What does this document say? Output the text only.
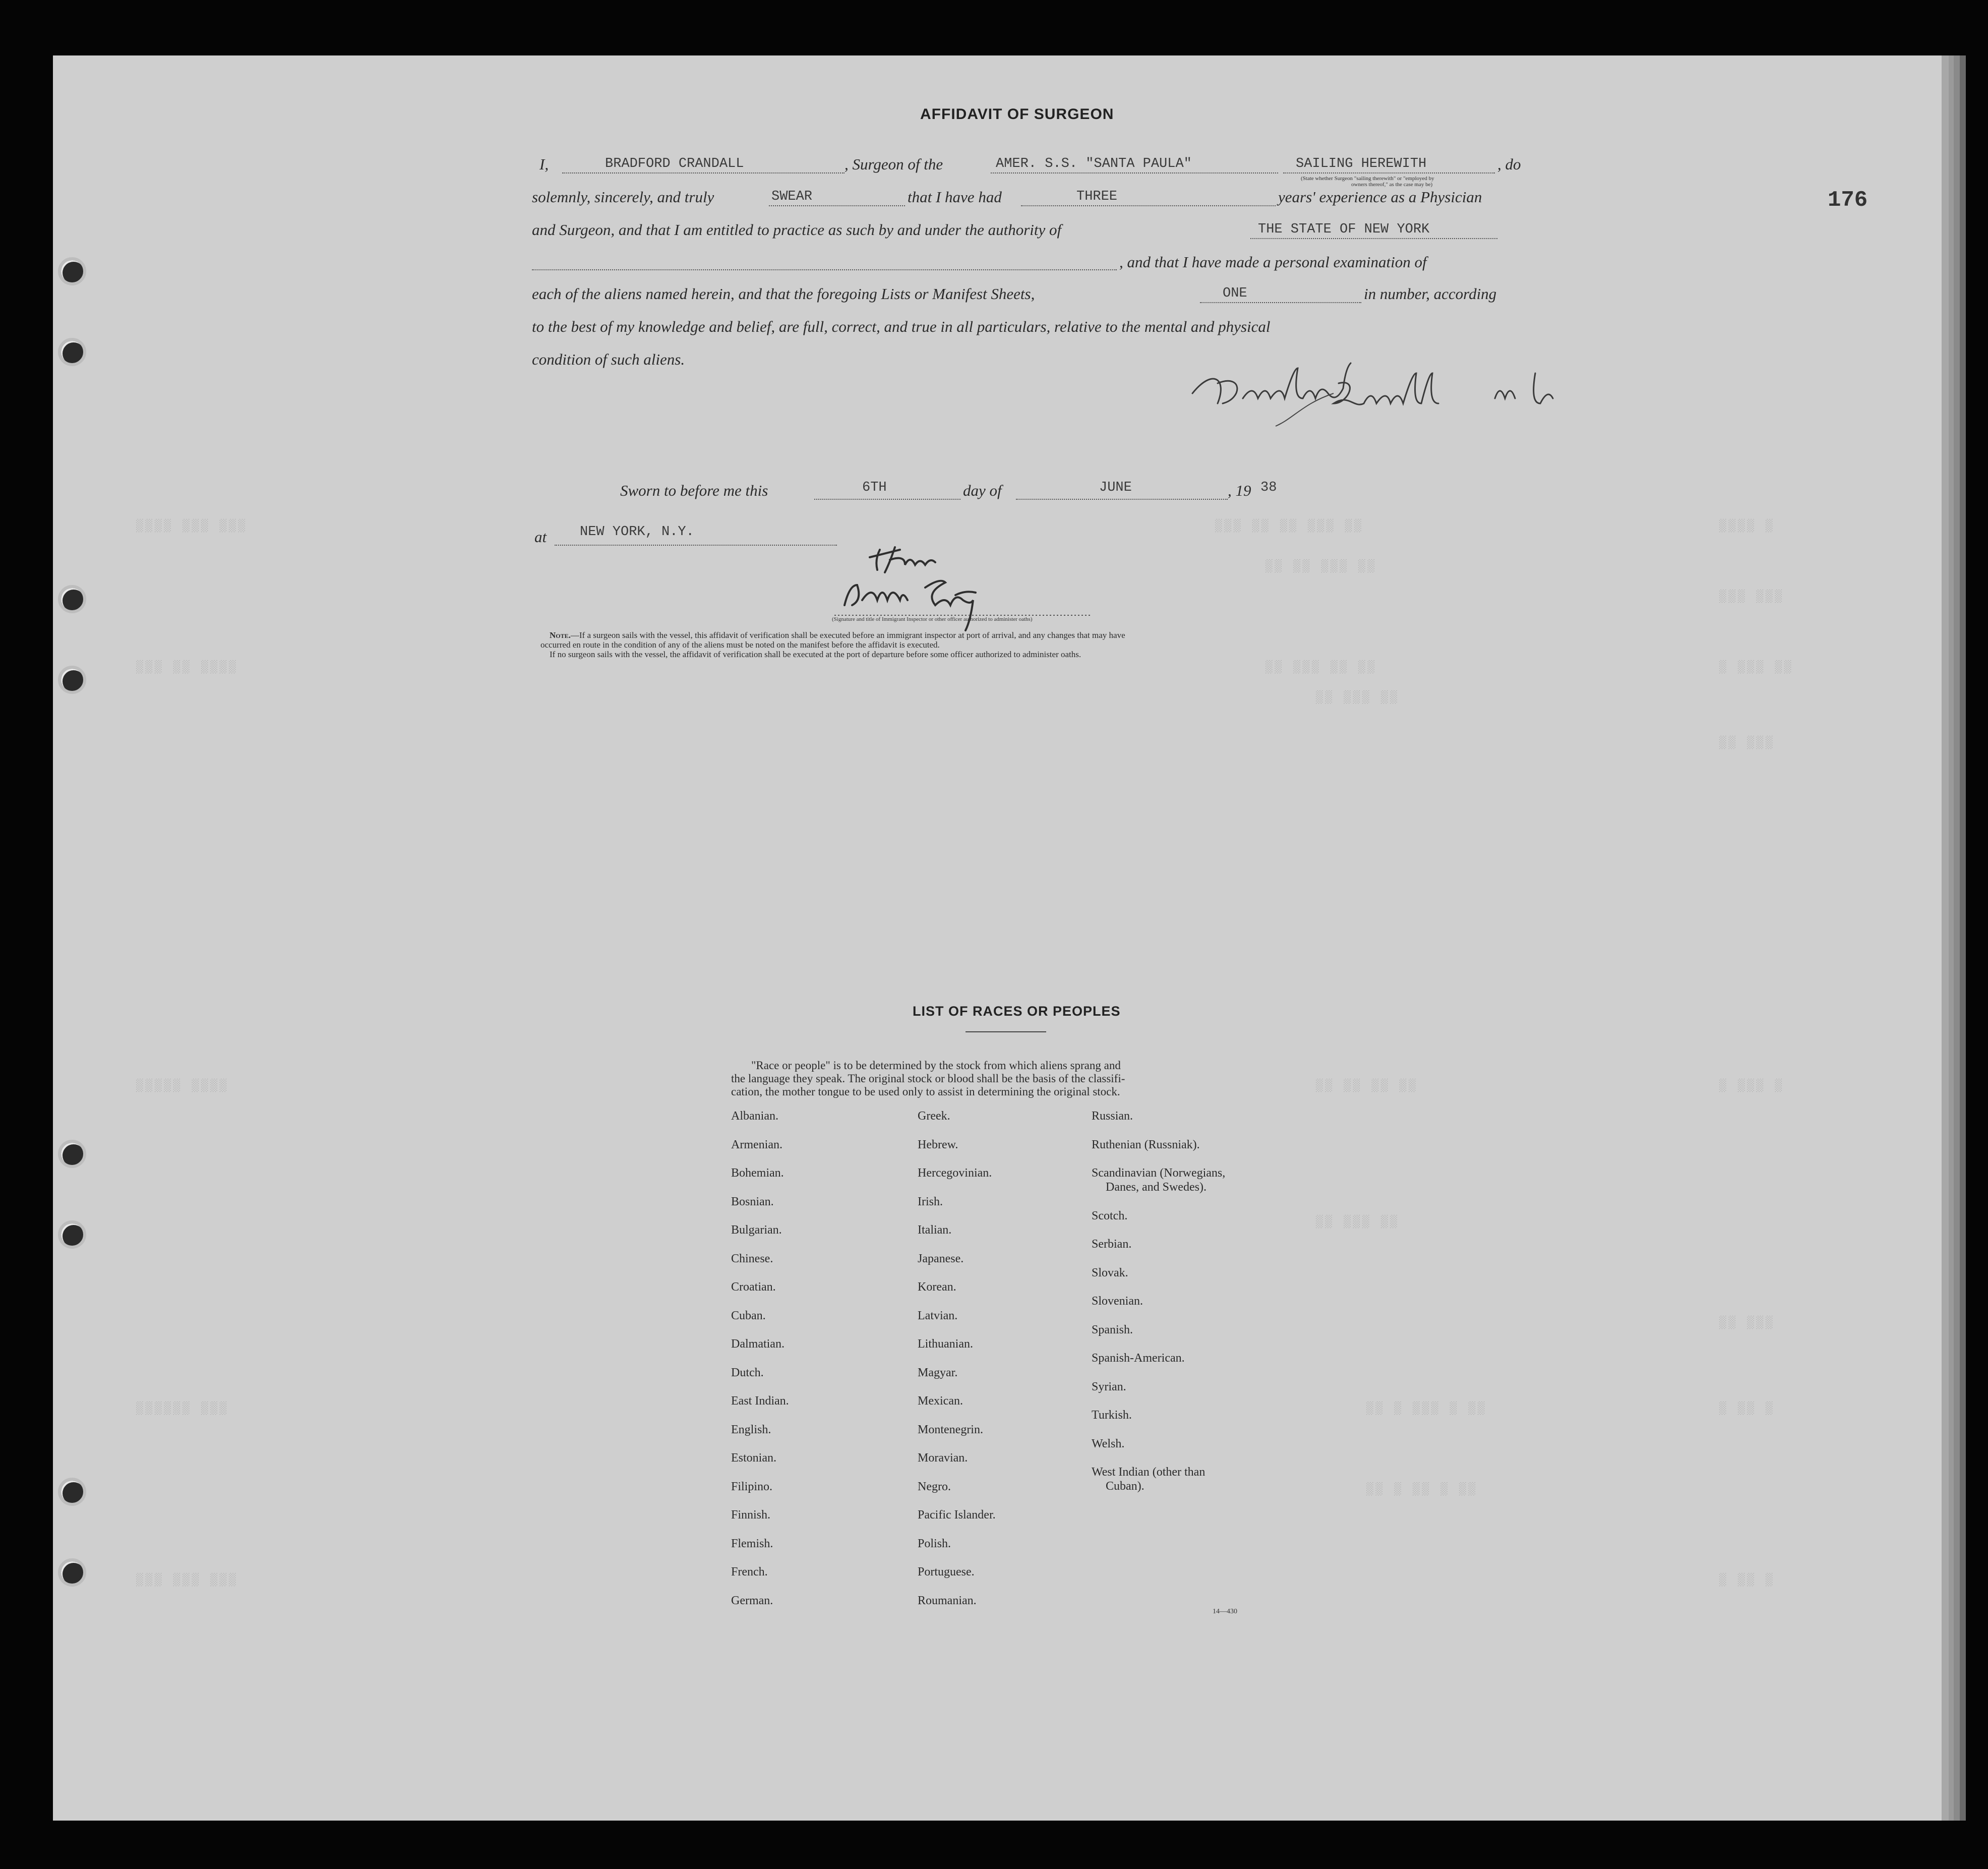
░░░ ░░░ ░░░░	░░ ░░░ ░░ ░░ ░░░	░ ░░░░
░░ ░░░ ░░ ░░
░░░ ░░░
░░ ░░ ░░░ ░░
░░░░ ░░ ░░░	░░ ░░░ ░
░░ ░░░ ░░
░░░ ░░
░░░░ ░░░░░	░░ ░░ ░░ ░░	░ ░░░ ░
░░ ░░░ ░░
░░░ ░░
░░░ ░░░░░░	░░ ░ ░░░ ░ ░░	░ ░░ ░
░░ ░ ░░ ░ ░░
░░░ ░░░ ░░░	░ ░░ ░
176
AFFIDAVIT OF SURGEON
I,	BRADFORD CRANDALL	, Surgeon of the	AMER. S.S. "SANTA PAULA"	SAILING HEREWITH	, do
(State whether Surgeon "sailing therewith" or "employed by
owners thereof," as the case may be)
solemnly, sincerely, and truly	SWEAR	that I have had	THREE	years' experience as a Physician
and Surgeon, and that I am entitled to practice as such by and under the authority of	THE STATE OF NEW YORK
, and that I have made a personal examination of
each of the aliens named herein, and that the foregoing Lists or Manifest Sheets,	ONE	in number, according
to the best of my knowledge and belief, are full, correct, and true in all particulars, relative to the mental and physical
condition of such aliens.
Sworn to before me this	6TH	day of	JUNE	, 19 38
at NEW YORK, N.Y.
(Signature and title of Immigrant Inspector or other officer authorized to administer oaths)
Note.—If a surgeon sails with the vessel, this affidavit of verification shall be executed before an immigrant inspector at port of arrival, and any changes that may have
occurred en route in the condition of any of the aliens must be noted on the manifest before the affidavit is executed.
If no surgeon sails with the vessel, the affidavit of verification shall be executed at the port of departure before some officer authorized to administer oaths.
LIST OF RACES OR PEOPLES
"Race or people" is to be determined by the stock from which aliens sprang and
the language they speak. The original stock or blood shall be the basis of the classifi-
cation, the mother tongue to be used only to assist in determining the original stock.
Albanian.
Armenian.
Bohemian.
Bosnian.
Bulgarian.
Chinese.
Croatian.
Cuban.
Dalmatian.
Dutch.
East Indian.
English.
Estonian.
Filipino.
Finnish.
Flemish.
French.
German.
Greek.
Hebrew.
Hercegovinian.
Irish.
Italian.
Japanese.
Korean.
Latvian.
Lithuanian.
Magyar.
Mexican.
Montenegrin.
Moravian.
Negro.
Pacific Islander.
Polish.
Portuguese.
Roumanian.
Russian.
Ruthenian (Russniak).
Scandinavian (Norwegians,
Danes, and Swedes).
Scotch.
Serbian.
Slovak.
Slovenian.
Spanish.
Spanish-American.
Syrian.
Turkish.
Welsh.
West Indian (other than
Cuban).
14—430
